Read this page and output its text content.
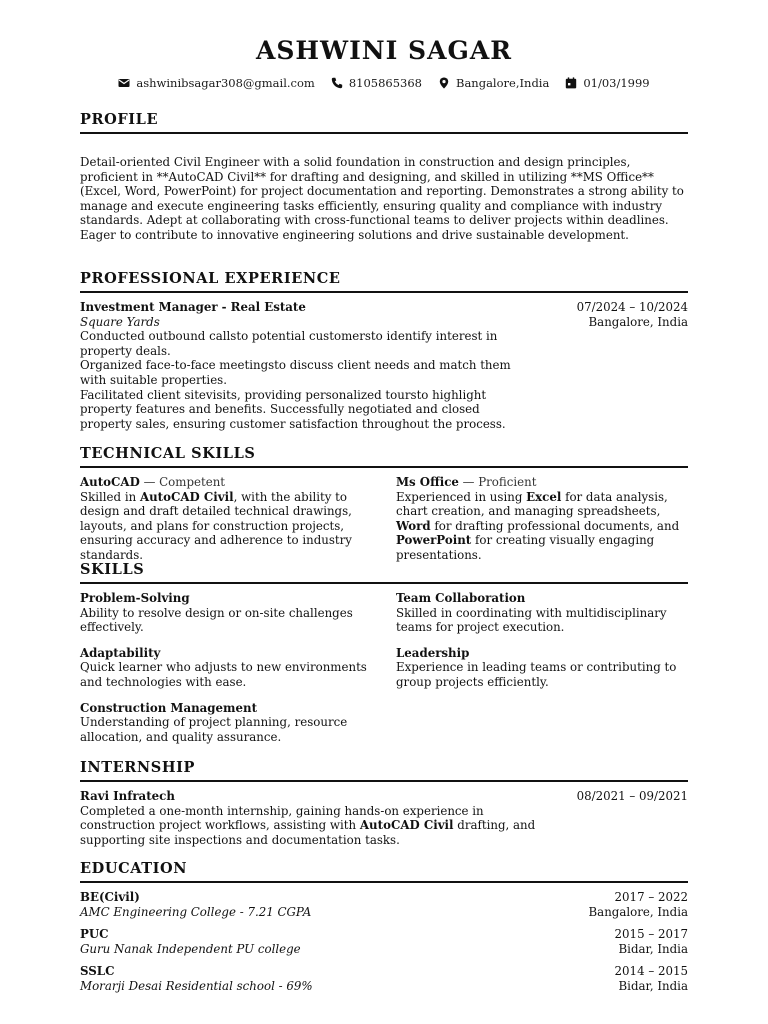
ASHWINI SAGAR
ashwinibsagar308@gmail.com	8105865368	Bangalore,India	01/03/1999
PROFILE

Detail-oriented Civil Engineer with a solid foundation in construction and design principles, proficient in **AutoCAD Civil** for drafting and designing, and skilled in utilizing **MS Office** (Excel, Word, PowerPoint) for project documentation and reporting. Demonstrates a strong ability to manage and execute engineering tasks efficiently, ensuring quality and compliance with industry standards. Adept at collaborating with cross-functional teams to deliver projects within deadlines. Eager to contribute to innovative engineering solutions and drive sustainable development.

PROFESSIONAL EXPERIENCE
Investment Manager - Real Estate	07/2024 – 10/2024
Square Yards	Bangalore, India

Conducted outbound callsto potential customersto identify interest in property deals.

Organized face-to-face meetingsto discuss client needs and match them with suitable properties.

Facilitated client sitevisits, providing personalized toursto highlight property features and benefits. Successfully negotiated and closed property sales, ensuring customer satisfaction throughout the process.

TECHNICAL SKILLS
AutoCAD — Competent

Skilled in AutoCAD Civil, with the ability to design and draft detailed technical drawings, layouts, and plans for construction projects, ensuring accuracy and adherence to industry standards.

Ms Office — Proficient

Experienced in using Excel for data analysis, chart creation, and managing spreadsheets, Word for drafting professional documents, and PowerPoint for creating visually engaging presentations.

SKILLS
Problem-Solving

Ability to resolve design or on-site challenges effectively.

Team Collaboration

Skilled in coordinating with multidisciplinary teams for project execution.

Adaptability

Quick learner who adjusts to new environments and technologies with ease.

Leadership

Experience in leading teams or contributing to group projects efficiently.

Construction Management

Understanding of project planning, resource allocation, and quality assurance.

INTERNSHIP
Ravi Infratech	08/2021 – 09/2021

Completed a one-month internship, gaining hands-on experience in construction project workflows, assisting with AutoCAD Civil drafting, and supporting site inspections and documentation tasks.

EDUCATION
BE(Civil)	2017 – 2022
AMC Engineering College - 7.21 CGPA	Bangalore, India
PUC	2015 – 2017
Guru Nanak Independent PU college	Bidar, India
SSLC	2014 – 2015
Morarji Desai Residential school - 69%	Bidar, India
